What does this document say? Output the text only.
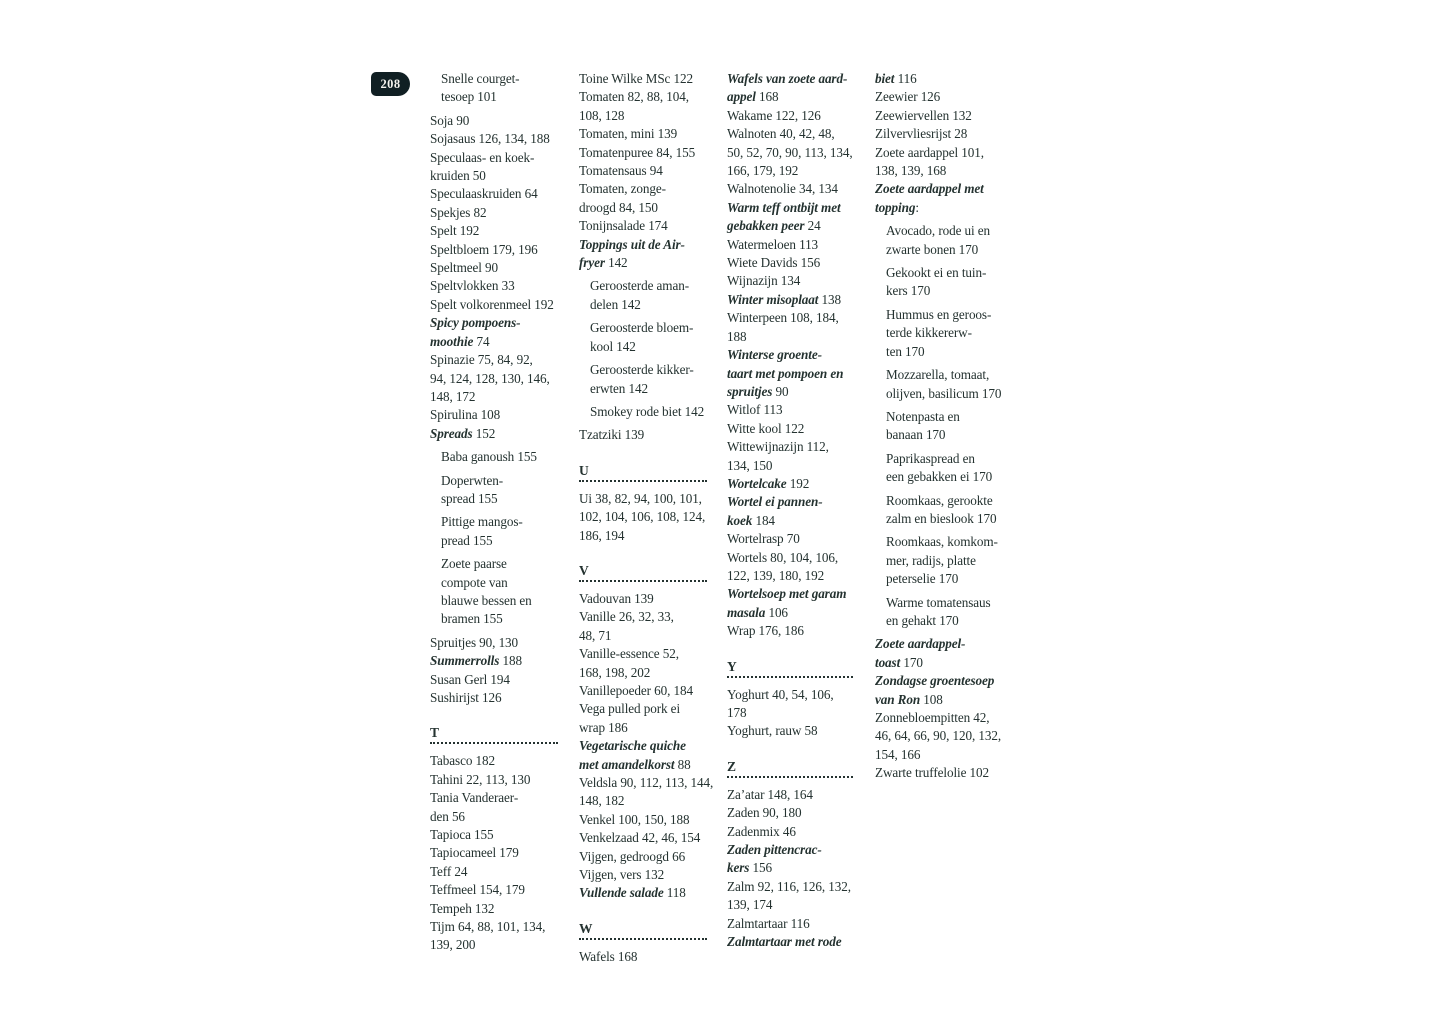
208	Snelle courget-
tesoep 101
Soja 90
Sojasaus 126, 134, 188
Speculaas- en koek-
kruiden 50
Speculaaskruiden 64
Spekjes 82
Spelt 192
Speltbloem 179, 196
Speltmeel 90
Speltvlokken 33
Spelt volkorenmeel 192
Spicy pompoens-
moothie 74
Spinazie 75, 84, 92,
94, 124, 128, 130, 146,
148, 172
Spirulina 108
Spreads 152
Baba ganoush 155
Doperwten-
spread 155
Pittige mangos-
pread 155
Zoete paarse
compote van
blauwe bessen en
bramen 155
Spruitjes 90, 130
Summerrolls 188
Susan Gerl 194
Sushirijst 126
T
Tabasco 182
Tahini 22, 113, 130
Tania Vanderaer-
den 56
Tapioca 155
Tapiocameel 179
Teff 24
Teffmeel 154, 179
Tempeh 132
Tijm 64, 88, 101, 134,
139, 200
Toine Wilke MSc 122
Tomaten 82, 88, 104,
108, 128
Tomaten, mini 139
Tomatenpuree 84, 155
Tomatensaus 94
Tomaten, zonge-
droogd 84, 150
Tonijnsalade 174
Toppings uit de Air-
fryer 142
Geroosterde aman-
delen 142
Geroosterde bloem-
kool 142
Geroosterde kikker-
erwten 142
Smokey rode biet 142
Tzatziki 139
U
Ui 38, 82, 94, 100, 101,
102, 104, 106, 108, 124,
186, 194
V
Vadouvan 139
Vanille 26, 32, 33,
48, 71
Vanille-essence 52,
168, 198, 202
Vanillepoeder 60, 184
Vega pulled pork ei
wrap 186
Vegetarische quiche
met amandelkorst 88
Veldsla 90, 112, 113, 144,
148, 182
Venkel 100, 150, 188
Venkelzaad 42, 46, 154
Vijgen, gedroogd 66
Vijgen, vers 132
Vullende salade 118
W
Wafels 168
Wafels van zoete aard-
appel 168
Wakame 122, 126
Walnoten 40, 42, 48,
50, 52, 70, 90, 113, 134,
166, 179, 192
Walnotenolie 34, 134
Warm teff ontbijt met
gebakken peer 24
Watermeloen 113
Wiete Davids 156
Wijnazijn 134
Winter misoplaat 138
Winterpeen 108, 184,
188
Winterse groente-
taart met pompoen en
spruitjes 90
Witlof 113
Witte kool 122
Wittewijnazijn 112,
134, 150
Wortelcake 192
Wortel ei pannen-
koek 184
Wortelrasp 70
Wortels 80, 104, 106,
122, 139, 180, 192
Wortelsoep met garam
masala 106
Wrap 176, 186
Y
Yoghurt 40, 54, 106,
178
Yoghurt, rauw 58
Z
Za’atar 148, 164
Zaden 90, 180
Zadenmix 46
Zaden pittencrac-
kers 156
Zalm 92, 116, 126, 132,
139, 174
Zalmtartaar 116
Zalmtartaar met rode
biet 116
Zeewier 126
Zeewiervellen 132
Zilvervliesrijst 28
Zoete aardappel 101,
138, 139, 168
Zoete aardappel met
topping:
Avocado, rode ui en
zwarte bonen 170
Gekookt ei en tuin-
kers 170
Hummus en geroos-
terde kikkererw-
ten 170
Mozzarella, tomaat,
olijven, basilicum 170
Notenpasta en
banaan 170
Paprikaspread en
een gebakken ei 170
Roomkaas, gerookte
zalm en bieslook 170
Roomkaas, komkom-
mer, radijs, platte
peterselie 170
Warme tomatensaus
en gehakt 170
Zoete aardappel-
toast 170
Zondagse groentesoep
van Ron 108
Zonnebloempitten 42,
46, 64, 66, 90, 120, 132,
154, 166
Zwarte truffelolie 102
